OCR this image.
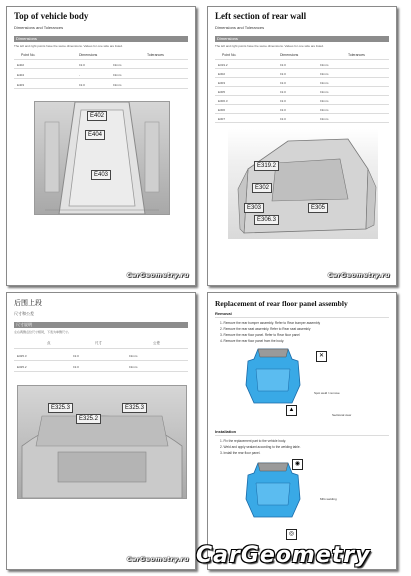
Top of vehicle body
Dimensions and Tolerances
Dimensions
The left and right points have the same dimensions. Values for one side are listed.
Point No.	Dimensions	Tolerances
E402	±2.0	±2mm
E404	-	±2mm
E403	±2.0	±2mm
E402
E404
E403
CarGeometry.ru
Left section of rear wall
Dimensions and Tolerances
Dimensions
The left and right points have the same dimensions. Values for one side are listed.
Point No.	Dimensions	Tolerances
E319.2	±2.0	±2mm
E302	±2.0	±2mm
E303	±2.0	±2mm
E305	±2.0	±2mm
E306.3	±2.0	±2mm
E306	±2.0	±2mm
E307	±2.0	±2mm
E319.2
E302
E303	E305
E306.3
CarGeometry.ru
后围上段
尺寸和公差
尺寸说明
左右两侧点位尺寸相同，下表为单侧尺寸。
点	尺寸	公差
E325.3	±2.0	±2mm
E325.2	±2.0	±2mm
E325.3	E325.3
E325.2
CarGeometry.ru
Replacement of rear floor panel assembly
Removal
1. Remove the rear bumper assembly. Refer to Rear bumper assembly
2. Remove the rear seat assembly. Refer to Rear seat assembly
3. Remove the rear floor panel. Refer to Rear floor panel
4. Remove the rear floor panel from the body.
✕
Spot weld / remove
▲
Sectional view
Installation
1. Fix the replacement part to the vehicle body.
2. Weld and apply sealant according to the welding table.
3. Install the rear floor panel.
◉
◎
MIG welding
CarGeometry
